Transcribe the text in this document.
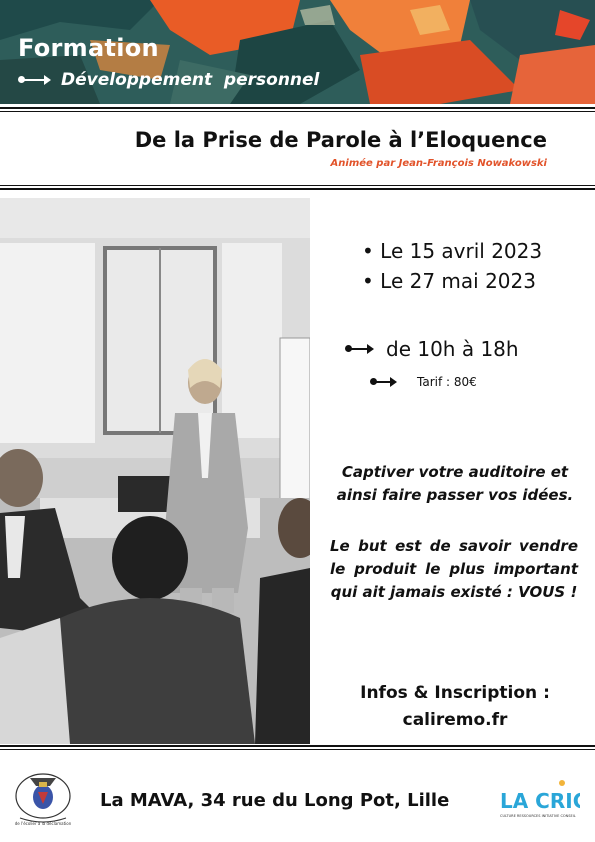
Formation
Développement  personnel
De la Prise de Parole à l’Eloquence
Animée par Jean-François Nowakowski
• Le 15 avril 2023
• Le 27 mai 2023
de 10h à 18h
Tarif : 80€
Captiver votre auditoire et ainsi faire passer vos idées.
Le but est de savoir vendre le produit le plus important qui ait jamais existé : VOUS !
Infos & Inscription :
caliremo.fr
de l'écolier à la déclamation
La MAVA, 34 rue du Long Pot, Lille	LA CRIC
CULTURE RESSOURCES INITIATIVE CONSEIL
